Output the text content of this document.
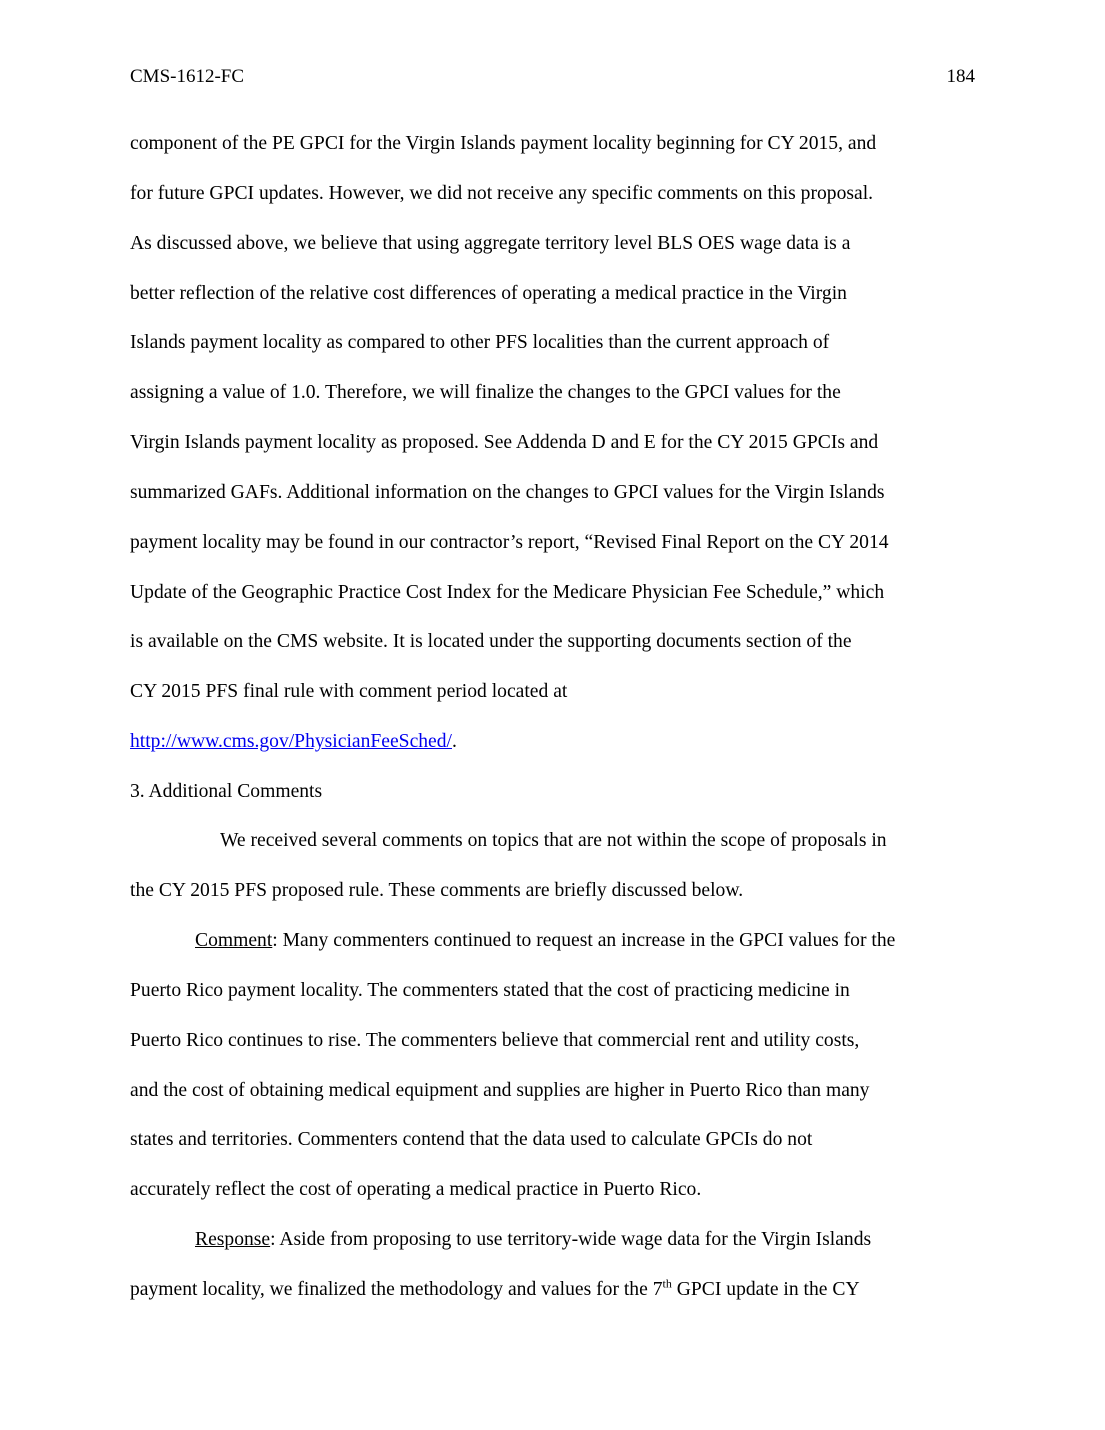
CMS-1612-FC	184
component of the PE GPCI for the Virgin Islands payment locality beginning for CY 2015, and
for future GPCI updates. However, we did not receive any specific comments on this proposal.
As discussed above, we believe that using aggregate territory level BLS OES wage data is a
better reflection of the relative cost differences of operating a medical practice in the Virgin
Islands payment locality as compared to other PFS localities than the current approach of
assigning a value of 1.0. Therefore, we will finalize the changes to the GPCI values for the
Virgin Islands payment locality as proposed. See Addenda D and E for the CY 2015 GPCIs and
summarized GAFs. Additional information on the changes to GPCI values for the Virgin Islands
payment locality may be found in our contractor’s report, “Revised Final Report on the CY 2014
Update of the Geographic Practice Cost Index for the Medicare Physician Fee Schedule,” which
is available on the CMS website. It is located under the supporting documents section of the
CY 2015 PFS final rule with comment period located at
http://www.cms.gov/PhysicianFeeSched/.
3. Additional Comments
We received several comments on topics that are not within the scope of proposals in
the CY 2015 PFS proposed rule. These comments are briefly discussed below.
Comment: Many commenters continued to request an increase in the GPCI values for the
Puerto Rico payment locality. The commenters stated that the cost of practicing medicine in
Puerto Rico continues to rise. The commenters believe that commercial rent and utility costs,
and the cost of obtaining medical equipment and supplies are higher in Puerto Rico than many
states and territories. Commenters contend that the data used to calculate GPCIs do not
accurately reflect the cost of operating a medical practice in Puerto Rico.
Response: Aside from proposing to use territory-wide wage data for the Virgin Islands
payment locality, we finalized the methodology and values for the 7th GPCI update in the CY
